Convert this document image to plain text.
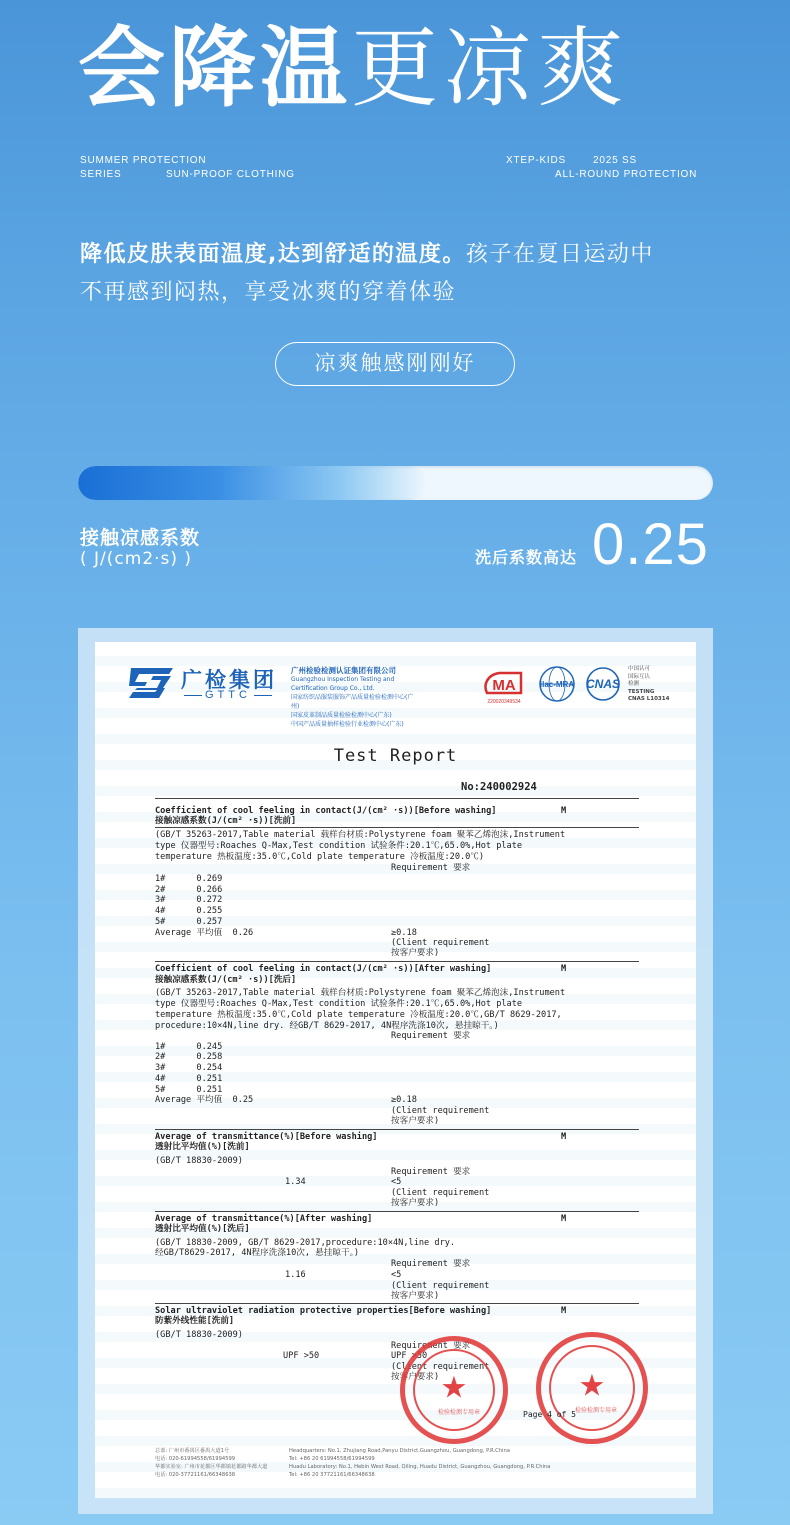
会降温更凉爽
SUMMER PROTECTION
SERIES	SUN-PROOF CLOTHING
XTEP-KIDS	2025 SS
ALL-ROUND PROTECTION
降低皮肤表面温度,达到舒适的温度。孩子在夏日运动中
不再感到闷热，享受冰爽的穿着体验
凉爽触感刚刚好
接触凉感系数
( J/(cm2·s) )	洗后系数高达 0.25
广检集团
GTTC
广州检验检测认证集团有限公司
Guangzhou Inspection Testing and Certification Group Co., Ltd.
国家纺织品服装服饰产品质量检验检测中心(广州)
国家皮革制品质量检验检测中心(广东)
中国产品质量抽样检验行业检测中心(广东)
MA
220020349534
ilac-MRA CNAS
中国认可
国际互认
检测
TESTING
CNAS L10314
Test Report
No:240002924
Coefficient of cool feeling in contact(J/(cm² ·s))[Before washing]	M
接触凉感系数(J/(cm² ·s))[洗前]
(GB/T 35263-2017,Table material 载样台材质:Polystyrene foam 聚苯乙烯泡沫,Instrument
type 仪器型号:Roaches Q-Max,Test condition 试验条件:20.1℃,65.0%,Hot plate
temperature 热板温度:35.0℃,Cold plate temperature 冷板温度:20.0℃)
Requirement 要求
1#      0.269
2#      0.266
3#      0.272
4#      0.255
5#      0.257
Average 平均值  0.26	≥0.18
(Client requirement
按客户要求)
Coefficient of cool feeling in contact(J/(cm² ·s))[After washing]	M
接触凉感系数(J/(cm² ·s))[洗后]
(GB/T 35263-2017,Table material 载样台材质:Polystyrene foam 聚苯乙烯泡沫,Instrument
type 仪器型号:Roaches Q-Max,Test condition 试验条件:20.1℃,65.0%,Hot plate
temperature 热板温度:35.0℃,Cold plate temperature 冷板温度:20.0℃,GB/T 8629-2017,
procedure:10×4N,line dry. 经GB/T 8629-2017, 4N程序洗涤10次, 悬挂晾干。)
Requirement 要求
1#      0.245
2#      0.258
3#      0.254
4#      0.251
5#      0.251
Average 平均值  0.25	≥0.18
(Client requirement
按客户要求)
Average of transmittance(%)[Before washing]	M
透射比平均值(%)[洗前]
(GB/T 18830-2009)
Requirement 要求
1.34	<5
(Client requirement
按客户要求)
Average of transmittance(%)[After washing]	M
透射比平均值(%)[洗后]
(GB/T 18830-2009, GB/T 8629-2017,procedure:10×4N,line dry.
经GB/T8629-2017, 4N程序洗涤10次, 悬挂晾干。)
Requirement 要求
1.16	<5
(Client requirement
按客户要求)
Solar ultraviolet radiation protective properties[Before washing]	M
防紫外线性能[洗前]
(GB/T 18830-2009)
Requirement 要求
UPF >50	UPF >50
(Client requirement
按客户要求) ★
检验检测专用章
★
检验检测专用章
Page 4 of 5
总部: 广州市番禺区番禺大道1号
电话: 020-61994558/61994599
华都实验室: 广州市花都区华都镇花都路华都大道
电话: 020-37721161/66348638
Headquarters: No.1, Zhujiang Road,Panyu District,Guangzhou, Guangdong, P.R.China
Tel: +86 20 61994558/61994599
Huadu Laboratory: No.1, Hebin West Road, Qiling, Huadu District, Guangzhou, Guangdong, P.R.China
Tel: +86 20 37721161/66348638
